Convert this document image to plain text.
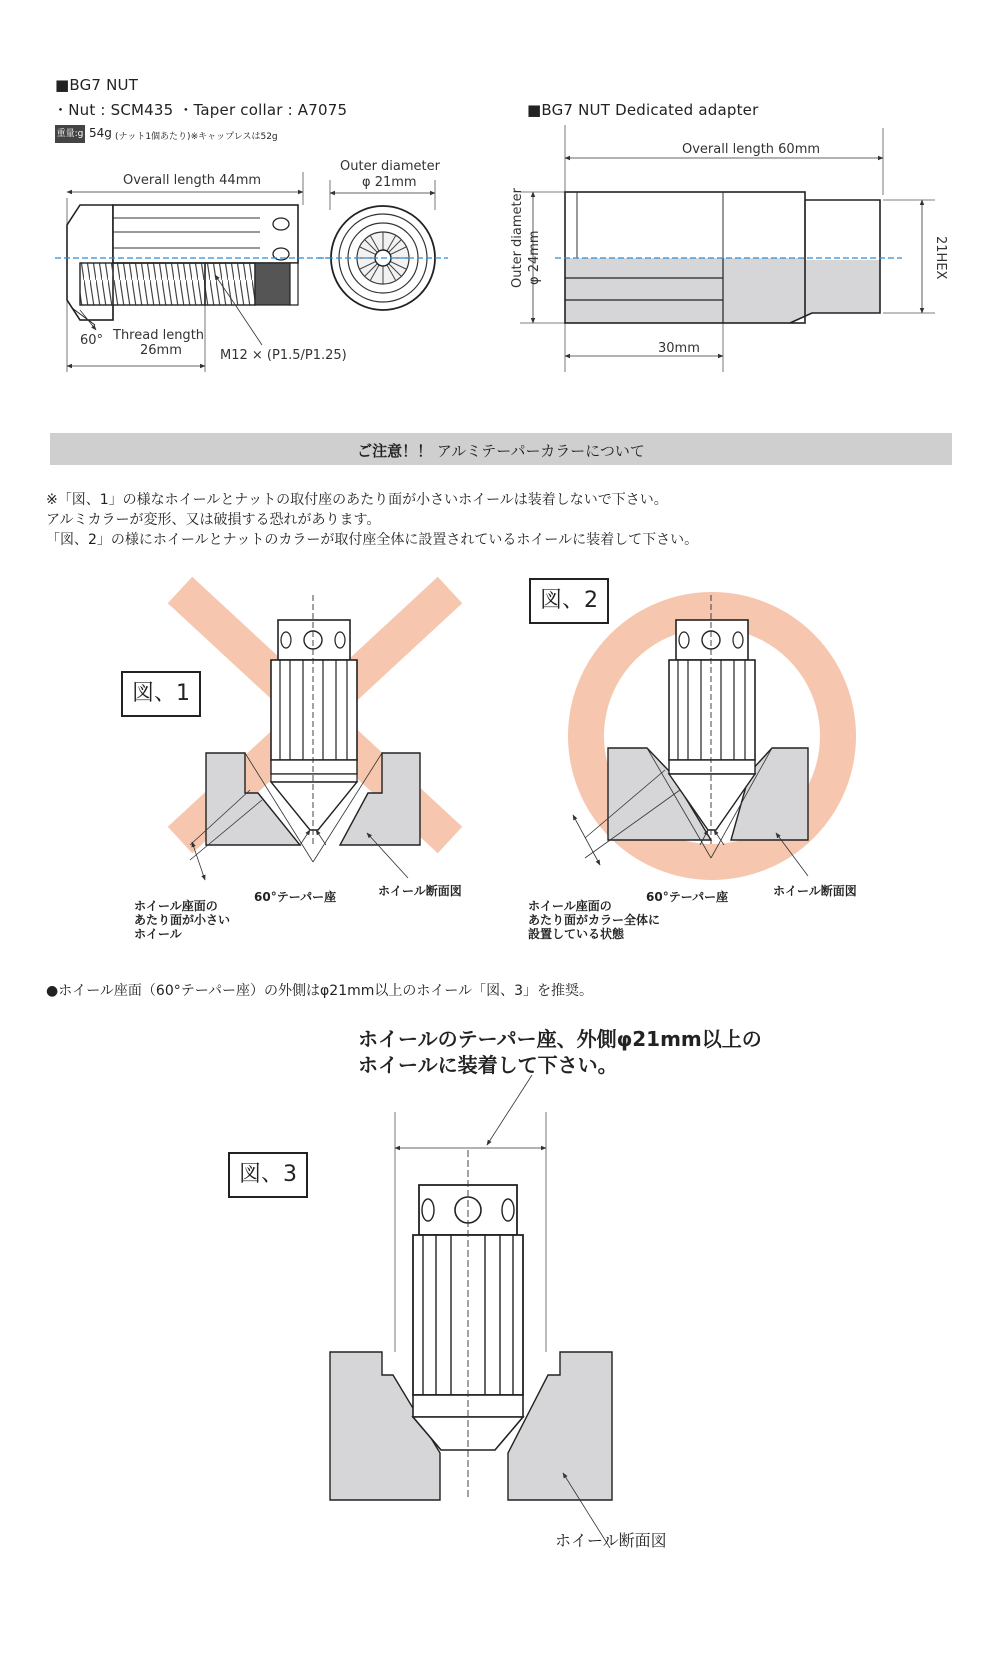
■BG7 NUT
・Nut : SCM435 ・Taper collar : A7075
重量:g 54g (ナット1個あたり)※キャップレスは52g
Overall length 44mm
Outer diameter
φ 21mm
60° Thread length
26mm	M12 × (P1.5/P1.25)
■BG7 NUT Dedicated adapter
Overall length 60mm
30mm
Outer diameter φ 24mm	21HEX
ご注意！！ アルミテーパーカラーについて
※「図、1」の様なホイールとナットの取付座のあたり面が小さいホイールは装着しないで下さい。
アルミカラーが変形、又は破損する恐れがあります。
「図、2」の様にホイールとナットのカラーが取付座全体に設置されているホイールに装着して下さい。
図、1
ホイール座面の
あたり面が小さい
ホイール
60°テーパー座	ホイール断面図
図、2
ホイール座面の
あたり面がカラー全体に
設置している状態
60°テーパー座	ホイール断面図
●ホイール座面（60°テーパー座）の外側はφ21mm以上のホイール「図、3」を推奨。
ホイールのテーパー座、外側φ21mm以上の
ホイールに装着して下さい。
図、3
ホイール断面図
